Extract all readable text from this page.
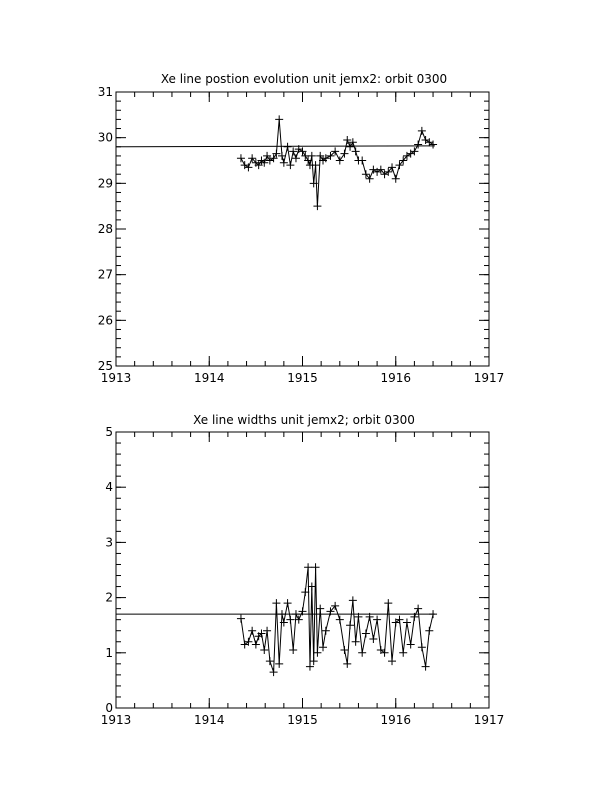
Xe line postion evolution unit jemx2: orbit 0300
1913	1914	1915	1916	1917
25
26
27
28
29
30
31
Xe line widths unit jemx2; orbit 0300
1913	1914	1915	1916	1917
0
1
2
3
4
5
